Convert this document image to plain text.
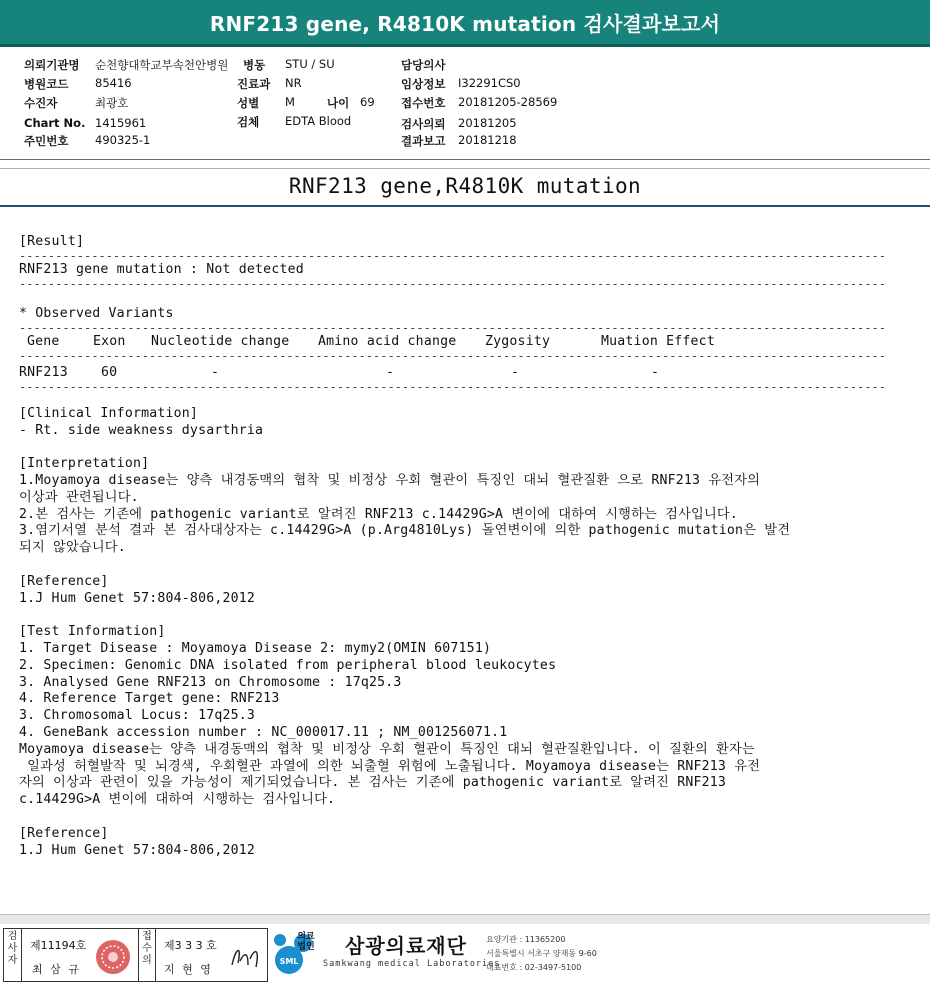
RNF213 gene, R4810K mutation 검사결과보고서
의뢰기관명 순천향대학교부속천안병원
병원코드 85416
수진자	최광호
Chart No. 1415961
주민번호 490325-1
병동 STU / SU
진료과 NR
성별 M	나이 69
검체 EDTA Blood
담당의사
임상정보 I32291CS0
접수번호 20181205-28569
검사의뢰 20181205
결과보고 20181218
RNF213 gene,R4810K mutation
[Result]
------------------------------------------------------------------------------------------------------------------------
RNF213 gene mutation : Not detected
------------------------------------------------------------------------------------------------------------------------
* Observed Variants
------------------------------------------------------------------------------------------------------------------------
Gene	Exon	Nucleotide change	Amino acid change	Zygosity	Muation Effect
------------------------------------------------------------------------------------------------------------------------
RNF213	60	-	-	-	-
------------------------------------------------------------------------------------------------------------------------
[Clinical Information]
- Rt. side weakness dysarthria
[Interpretation]
1.Moyamoya disease는 양측 내경동맥의 협착 및 비정상 우회 혈관이 특징인 대뇌 혈관질환 으로 RNF213 유전자의
이상과 관련됩니다.
2.본 검사는 기존에 pathogenic variant로 알려진 RNF213 c.14429G>A 변이에 대하여 시행하는 검사입니다.
3.염기서열 분석 결과 본 검사대상자는 c.14429G>A (p.Arg4810Lys) 돌연변이에 의한 pathogenic mutation은 발견
되지 않았습니다.
[Reference]
1.J Hum Genet 57:804-806,2012
[Test Information]
1. Target Disease : Moyamoya Disease 2: mymy2(OMIN 607151)
2. Specimen: Genomic DNA isolated from peripheral blood leukocytes
3. Analysed Gene RNF213 on Chromosome : 17q25.3
4. Reference Target gene: RNF213
3. Chromosomal Locus: 17q25.3
4. GeneBank accession number : NC_000017.11 ; NM_001256071.1
Moyamoya disease는 양측 내경동맥의 협착 및 비정상 우회 혈관이 특징인 대뇌 혈관질환입니다. 이 질환의 환자는
일과성 허혈발작 및 뇌경색, 우회혈관 과열에 의한 뇌출혈 위험에 노출됩니다. Moyamoya disease는 RNF213 유전
자의 이상과 관련이 있을 가능성이 제기되었습니다. 본 검사는 기존에 pathogenic variant로 알려진 RNF213
c.14429G>A 변이에 대하여 시행하는 검사입니다.
[Reference]
1.J Hum Genet 57:804-806,2012
검사자
제11194호
최 삼 규
접수의
제3 3 3 호
지 현 영
SML
의료법인 삼광의료재단
Samkwang medical Laboratories
요양기관 : 11365200
서울특별시 서초구 양재동 9-60
대표번호 : 02-3497-5100
